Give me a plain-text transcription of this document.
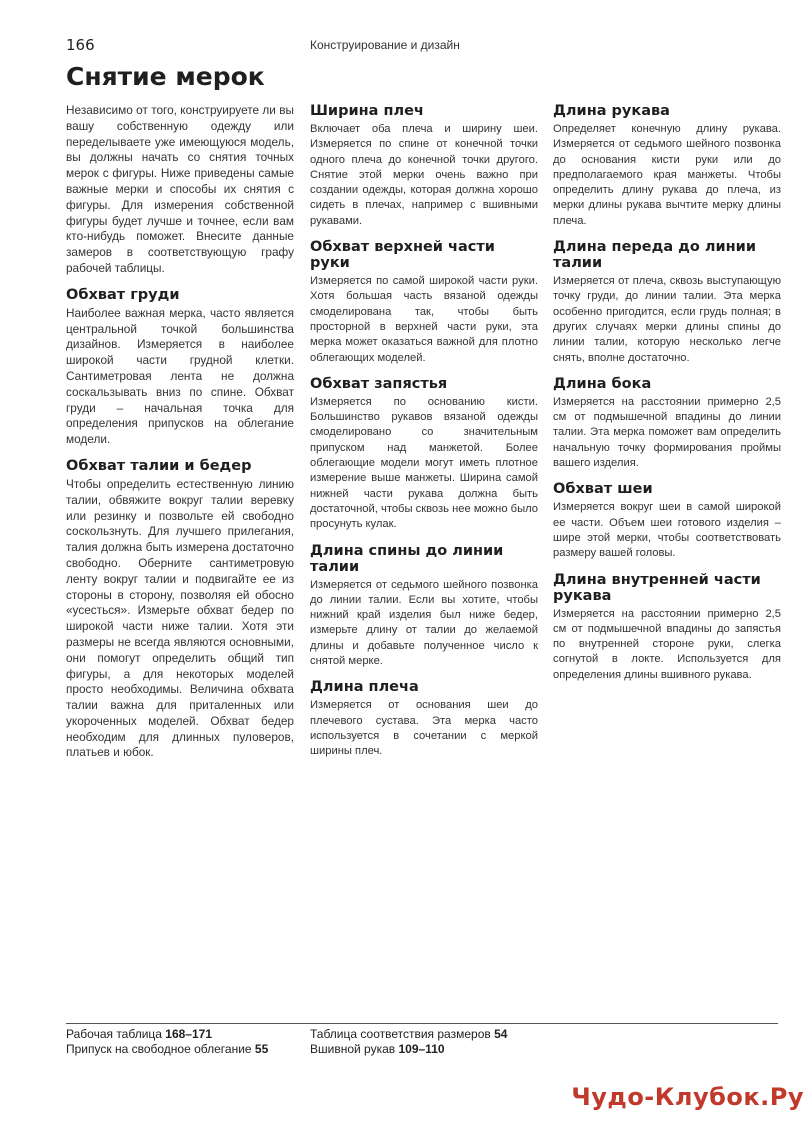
166	Конструирование и дизайн
Снятие мерок

Независимо от того, конструируете ли вы вашу собственную одежду или переделываете уже имеющуюся модель, вы должны начать со снятия точных мерок с фигуры. Ниже приведены самые важные мерки и способы их снятия с фигуры. Для измерения собственной фигуры будет лучше и точнее, если вам кто-нибудь поможет. Внесите данные замеров в соответствующую графу рабочей таблицы.

Обхват груди

Наиболее важная мерка, часто является центральной точкой большинства дизайнов. Измеряется в наиболее широкой части грудной клетки. Сантиметровая лента не должна соскальзывать вниз по спине. Обхват груди – начальная точка для определения припусков на облегание модели.

Обхват талии и бедер

Чтобы определить естественную линию талии, обвяжите вокруг талии веревку или резинку и позвольте ей свободно соскользнуть. Для лучшего прилегания, талия должна быть измерена достаточно свободно. Оберните сантиметровую ленту вокруг талии и подвигайте ее из стороны в сторону, позволяя ей обосно «усесться». Измерьте обхват бедер по широкой части ниже талии. Хотя эти размеры не всегда являются основными, они помогут определить общий тип фигуры, а для некоторых моделей просто необходимы. Величина обхвата талии важна для приталенных или укороченных моделей. Обхват бедер необходим для длинных пуловеров, платьев и юбок.

Ширина плеч

Включает оба плеча и ширину шеи. Измеряется по спине от конечной точки одного плеча до конечной точки другого. Снятие этой мерки очень важно при создании одежды, которая должна хорошо сидеть в плечах, например с вшивными рукавами.

Обхват верхней части руки

Измеряется по самой широкой части руки. Хотя большая часть вязаной одежды смоделирована так, чтобы быть просторной в верхней части руки, эта мерка может оказаться важной для плотно облегающих моделей.

Обхват запястья

Измеряется по основанию кисти. Большинство рукавов вязаной одежды смоделировано со значительным припуском над манжетой. Более облегающие модели могут иметь плотное измерение выше манжеты. Ширина самой нижней части рукава должна быть достаточной, чтобы сквозь нее можно было просунуть кулак.

Длина спины до линии талии

Измеряется от седьмого шейного позвонка до линии талии. Если вы хотите, чтобы нижний край изделия был ниже бедер, измерьте длину от талии до желаемой длины и добавьте полученное число к снятой мерке.

Длина плеча

Измеряется от основания шеи до плечевого сустава. Эта мерка часто используется в сочетании с меркой ширины плеч.

Длина рукава

Определяет конечную длину рукава. Измеряется от седьмого шейного позвонка до основания кисти руки или до предполагаемого края манжеты. Чтобы определить длину рукава до плеча, из мерки длины рукава вычтите мерку длины плеча.

Длина переда до линии талии

Измеряется от плеча, сквозь выступающую точку груди, до линии талии. Эта мерка особенно пригодится, если грудь полная; в других случаях мерки длины спины до линии талии, которую несколько легче снять, вполне достаточно.

Длина бока

Измеряется на расстоянии примерно 2,5 см от подмышечной впадины до линии талии. Эта мерка поможет вам определить начальную точку формирования проймы вашего изделия.

Обхват шеи

Измеряется вокруг шеи в самой широкой ее части. Объем шеи готового изделия – шире этой мерки, чтобы соответствовать размеру вашей головы.

Длина внутренней части рукава

Измеряется на расстоянии примерно 2,5 см от подмышечной впадины до запястья по внутренней стороне руки, слегка согнутой в локте. Используется для определения длины вшивного рукава.

Рабочая таблица 168–171
Припуск на свободное облегание 55
Таблица соответствия размеров 54
Вшивной рукав 109–110
Чудо-Клубок.Ру
